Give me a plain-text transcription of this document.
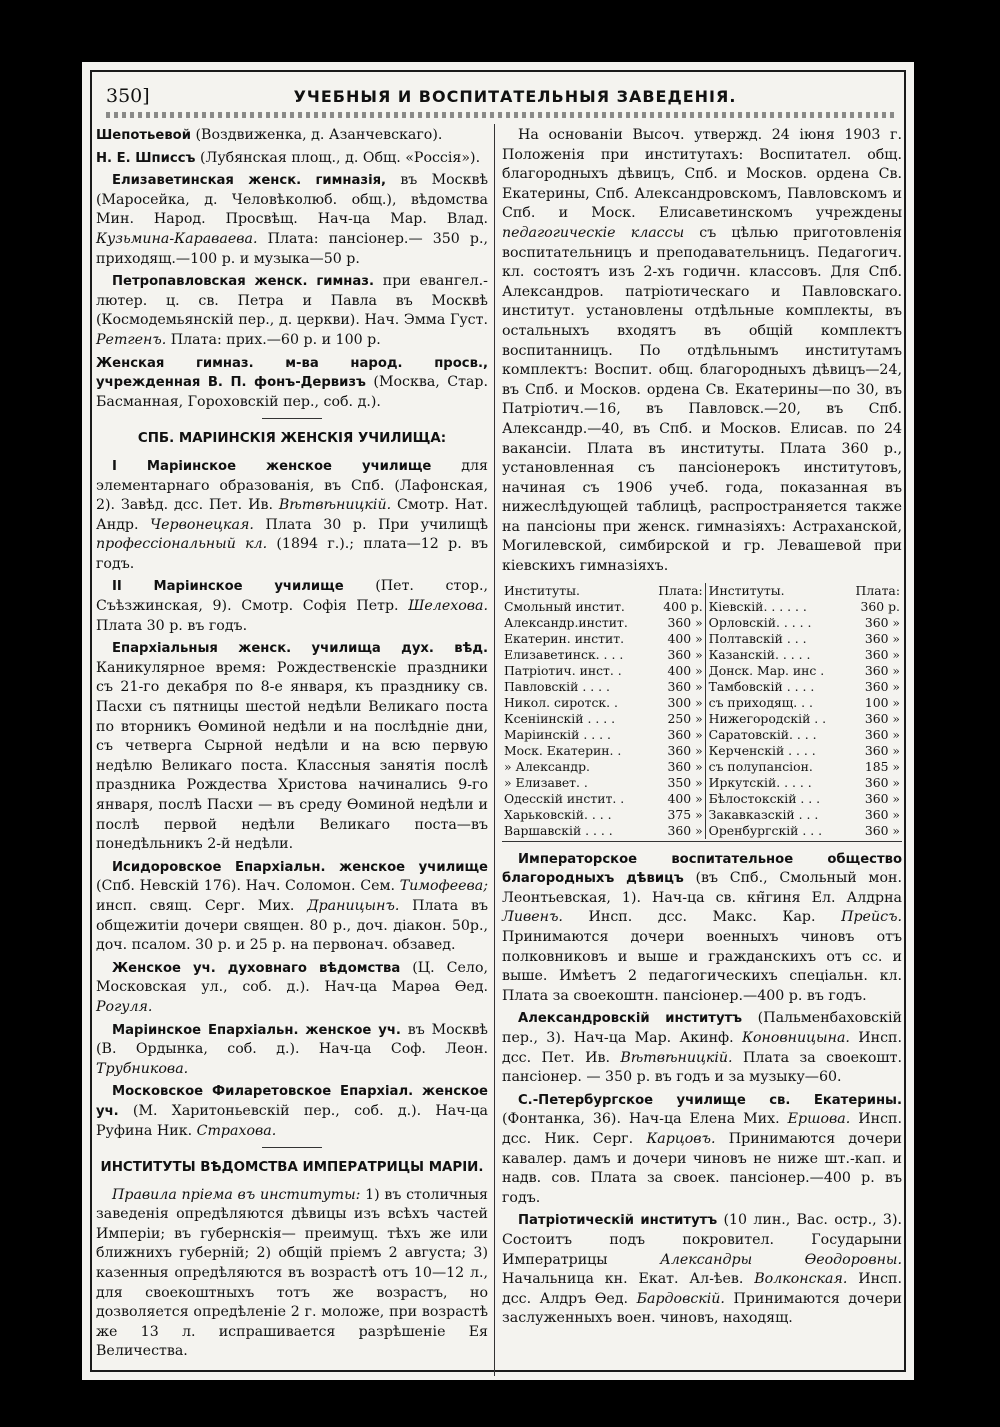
350]	УЧЕБНЫЯ И ВОСПИТАТЕЛЬНЫЯ ЗАВЕДЕНІЯ.

Шепотьевой (Воздвиженка, д. Азанчевскаго).

Н. Е. Шписсъ (Лубянская площ., д. Общ. «Россія»).

Елизаветинская женск. гимназія, въ Москвѣ (Маросейка, д. Человѣколюб. общ.), вѣдомства Мин. Народ. Просвѣщ. Нач-ца Мар. Влад. Кузьмина-Караваева. Плата: пансіонер.— 350 р., приходящ.—100 р. и музыка—50 р.

Петропавловская женск. гимназ. при евангел.-лютер. ц. св. Петра и Павла въ Москвѣ (Космодемьянскій пер., д. церкви). Нач. Эмма Густ. Ретгенъ. Плата: прих.—60 р. и 100 р.

Женская гимназ. м-ва народ. просв., учрежденная В. П. фонъ-Дервизъ (Москва, Стар. Басманная, Гороховскій пер., соб. д.).

СПБ. МАРІИНСКІЯ ЖЕНСКІЯ УЧИЛИЩА:

I Маріинское женское училище для элементарнаго образованія, въ Спб. (Лафонская, 2). Завѣд. дсс. Пет. Ив. Вѣтвѣницкій. Смотр. Нат. Андр. Червонецкая. Плата 30 р. При училищѣ профессіональный кл. (1894 г.).; плата—12 р. въ годъ.

II Маріинское училище (Пет. стор., Съѣзжинская, 9). Смотр. Софія Петр. Шелехова. Плата 30 р. въ годъ.

Епархіальныя женск. училища дух. вѣд. Каникулярное время: Рождественскіе праздники съ 21-го декабря по 8-е января, къ празднику св. Пасхи съ пятницы шестой недѣли Великаго поста по вторникъ Ѳоминой недѣли и на послѣдніе дни, съ четверга Сырной недѣли и на всю первую недѣлю Великаго поста. Классныя занятія послѣ праздника Рождества Христова начинались 9-го января, послѣ Пасхи — въ среду Ѳоминой недѣли и послѣ первой недѣли Великаго поста—въ понедѣльникъ 2-й недѣли.

Исидоровское Епархіальн. женское училище (Спб. Невскій 176). Нач. Соломон. Сем. Тимофеева; инсп. свящ. Серг. Мих. Драницынъ. Плата въ общежитіи дочери священ. 80 р., доч. діакон. 50р., доч. псалом. 30 р. и 25 р. на первонач. обзавед.

Женское уч. духовнаго вѣдомства (Ц. Село, Московская ул., соб. д.). Нач-ца Марѳа Ѳед. Рогуля.

Маріинское Епархіальн. женское уч. въ Москвѣ (В. Ордынка, соб. д.). Нач-ца Соф. Леон. Трубникова.

Московское Филаретовское Епархіал. женское уч. (М. Харитоньевскій пер., соб. д.). Нач-ца Руфина Ник. Страхова.

ИНСТИТУТЫ ВѢДОМСТВА ИМПЕРАТРИЦЫ МАРІИ.

Правила пріема въ институты: 1) въ столичныя заведенія опредѣляются дѣвицы изъ всѣхъ частей Имперіи; въ губернскія— преимущ. тѣхъ же или ближнихъ губерній; 2) общій пріемъ 2 августа; 3) казенныя опредѣляются въ возрастѣ отъ 10—12 л., для своекоштныхъ тотъ же возрастъ, но дозволяется опредѣленіе 2 г. моложе, при возрастѣ же 13 л. испрашивается разрѣшеніе Ея Величества.

На основаніи Высоч. утвержд. 24 іюня 1903 г. Положенія при институтахъ: Воспитател. общ. благородныхъ дѣвицъ, Спб. и Москов. ордена Св. Екатерины, Спб. Александровскомъ, Павловскомъ и Спб. и Моск. Елисаветинскомъ учреждены педагогическіе классы съ цѣлью приготовленія воспитательницъ и преподавательницъ. Педагогич. кл. состоятъ изъ 2-хъ годичн. классовъ. Для Спб. Александров. патріотическаго и Павловскаго. институт. установлены отдѣльные комплекты, въ остальныхъ входятъ въ общій комплектъ воспитанницъ. По отдѣльнымъ институтамъ комплектъ: Воспит. общ. благородныхъ дѣвицъ—24, въ Спб. и Москов. ордена Св. Екатерины—по 30, въ Патріотич.—16, въ Павловск.—20, въ Спб. Александр.—40, въ Спб. и Москов. Елисав. по 24 вакансіи. Плата въ институты. Плата 360 р., установленная съ пансіонерокъ институтовъ, начиная съ 1906 учеб. года, показанная въ нижеслѣдующей таблицѣ, распространяется также на пансіоны при женск. гимназіяхъ: Астраханской, Могилевской, симбирской и гр. Левашевой при кіевскихъ гимназіяхъ.

Институты.	Плата:		Институты.	Плата:
Смольный инстит.	400 р.		Кіевскій. . . . . .	360 р.
Александр.инстит.	360 »		Орловскій. . . . .	360 »
Екатерин. инстит.	400 »		Полтавскій . . .	360 »
Елизаветинск. . . .	360 »		Казанскій. . . . .	360 »
Патріотич. инст. .	400 »		Донск. Мар. инс .	360 »
Павловскій . . . .	360 »		Тамбовскій . . . .	360 »
Никол. сиротск. .	300 »		съ приходящ. . .	100 »
Ксеніинскій . . . .	250 »		Нижегородскій . .	360 »
Маріинскій . . . .	360 »		Саратовскій. . . .	360 »
Моск. Екатерин. .	360 »		Керченскій . . . .	360 »
» Александр.	360 »		съ полупансіон.	185 »
» Елизавет. .	350 »		Иркутскій. . . . .	360 »
Одесскій инстит. .	400 »		Бѣлостокскій . . .	360 »
Харьковскій. . . .	375 »		Закавказскій . . .	360 »
Варшавскій . . . .	360 »		Оренбургскій . . .	360 »

Императорское воспитательное общество благородныхъ дѣвицъ (въ Спб., Смольный мон. Леонтьевская, 1). Нач-ца св. кн̃гиня Ел. Алдрна Ливенъ. Инсп. дсс. Макс. Кар. Прейсъ. Принимаются дочери военныхъ чиновъ отъ полковниковъ и выше и гражданскихъ отъ сс. и выше. Имѣетъ 2 педагогическихъ спеціальн. кл. Плата за своекоштн. пансіонер.—400 р. въ годъ.

Александровскій институтъ (Пальменбаховскій пер., 3). Нач-ца Мар. Акинф. Коновницына. Инсп. дсс. Пет. Ив. Вѣтвѣницкій. Плата за своекошт. пансіонер. — 350 р. въ годъ и за музыку—60.

С.-Петербургское училище св. Екатерины. (Фонтанка, 36). Нач-ца Елена Мих. Ершова. Инсп. дсс. Ник. Серг. Карцовъ. Принимаются дочери кавалер. дамъ и дочери чиновъ не ниже шт.-кап. и надв. сов. Плата за своек. пансіонер.—400 р. въ годъ.

Патріотическій институтъ (10 лин., Вас. остр., 3). Состоитъ подъ покровител. Государыни Императрицы Александры Ѳеодоровны. Начальница кн. Екат. Ал-ѣев. Волконская. Инсп. дсс. Алдръ Ѳед. Бардовскій. Принимаются дочери заслуженныхъ воен. чиновъ, находящ.
